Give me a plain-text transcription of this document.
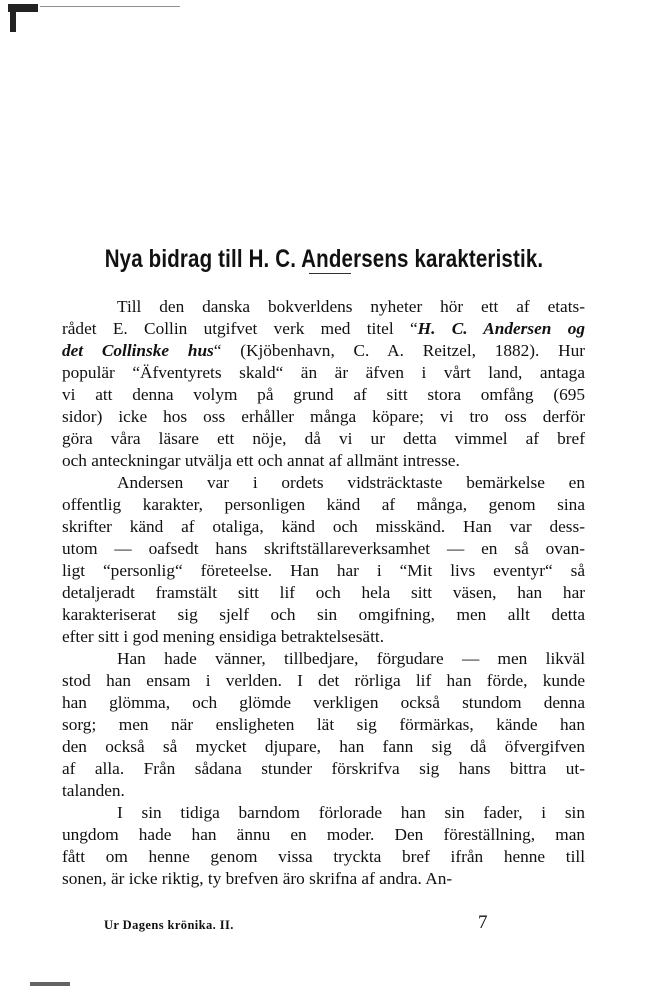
Nya bidrag till H. C. Andersens karakteristik.
Till den danska bokverldens nyheter hör ett af etats-
rådet E. Collin utgifvet verk med titel “H. C. Andersen og
det Collinske hus“ (Kjöbenhavn, C. A. Reitzel, 1882). Hur
populär “Äfventyrets skald“ än är äfven i vårt land, antaga
vi att denna volym på grund af sitt stora omfång (695
sidor) icke hos oss erhåller många köpare; vi tro oss derför
göra våra läsare ett nöje, då vi ur detta vimmel af bref
och anteckningar utvälja ett och annat af allmänt intresse.
Andersen var i ordets vidsträcktaste bemärkelse en
offentlig karakter, personligen känd af många, genom sina
skrifter känd af otaliga, känd och misskänd. Han var dess-
utom — oafsedt hans skriftställareverksamhet — en så ovan-
ligt “personlig“ företeelse. Han har i “Mit livs eventyr“ så
detaljeradt framstält sitt lif och hela sitt väsen, han har
karakteriserat sig sjelf och sin omgifning, men allt detta
efter sitt i god mening ensidiga betraktelsesätt.
Han hade vänner, tillbedjare, förgudare — men likväl
stod han ensam i verlden. I det rörliga lif han förde, kunde
han glömma, och glömde verkligen också stundom denna
sorg; men när ensligheten lät sig förmärkas, kände han
den också så mycket djupare, han fann sig då öfvergifven
af alla. Från sådana stunder förskrifva sig hans bittra ut-
talanden.
I sin tidiga barndom förlorade han sin fader, i sin
ungdom hade han ännu en moder. Den föreställning, man
fått om henne genom vissa tryckta bref ifrån henne till
sonen, är icke riktig, ty brefven äro skrifna af andra. An-
Ur Dagens krönika. II.	7
